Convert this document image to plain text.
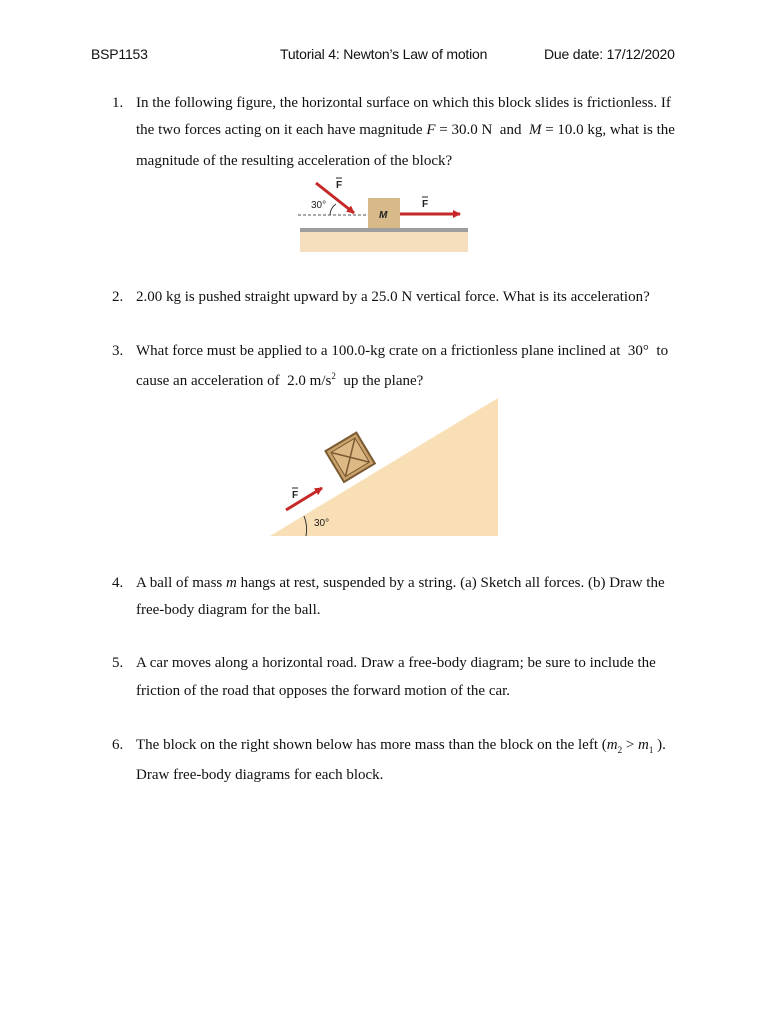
BSP1153	Tutorial 4: Newton’s Law of motion	Due date: 17/12/2020
1. In the following figure, the horizontal surface on which this block slides is frictionless. If
the two forces acting on it each have magnitude F = 30.0 N and M = 10.0 kg, what is the
magnitude of the resulting acceleration of the block?
30°
F
F
M
2. 2.00 kg is pushed straight upward by a 25.0 N vertical force. What is its acceleration?
3. What force must be applied to a 100.0-kg crate on a frictionless plane inclined at 30° to
cause an acceleration of 2.0 $m/s^2$ up the plane?
F
30°
4. A ball of mass m hangs at rest, suspended by a string. (a) Sketch all forces. (b) Draw the
free-body diagram for the ball.
5. A car moves along a horizontal road. Draw a free-body diagram; be sure to include the
friction of the road that opposes the forward motion of the car.
6. The block on the right shown below has more mass than the block on the left ($m_2 > m_1$ ).
Draw free-body diagrams for each block.
